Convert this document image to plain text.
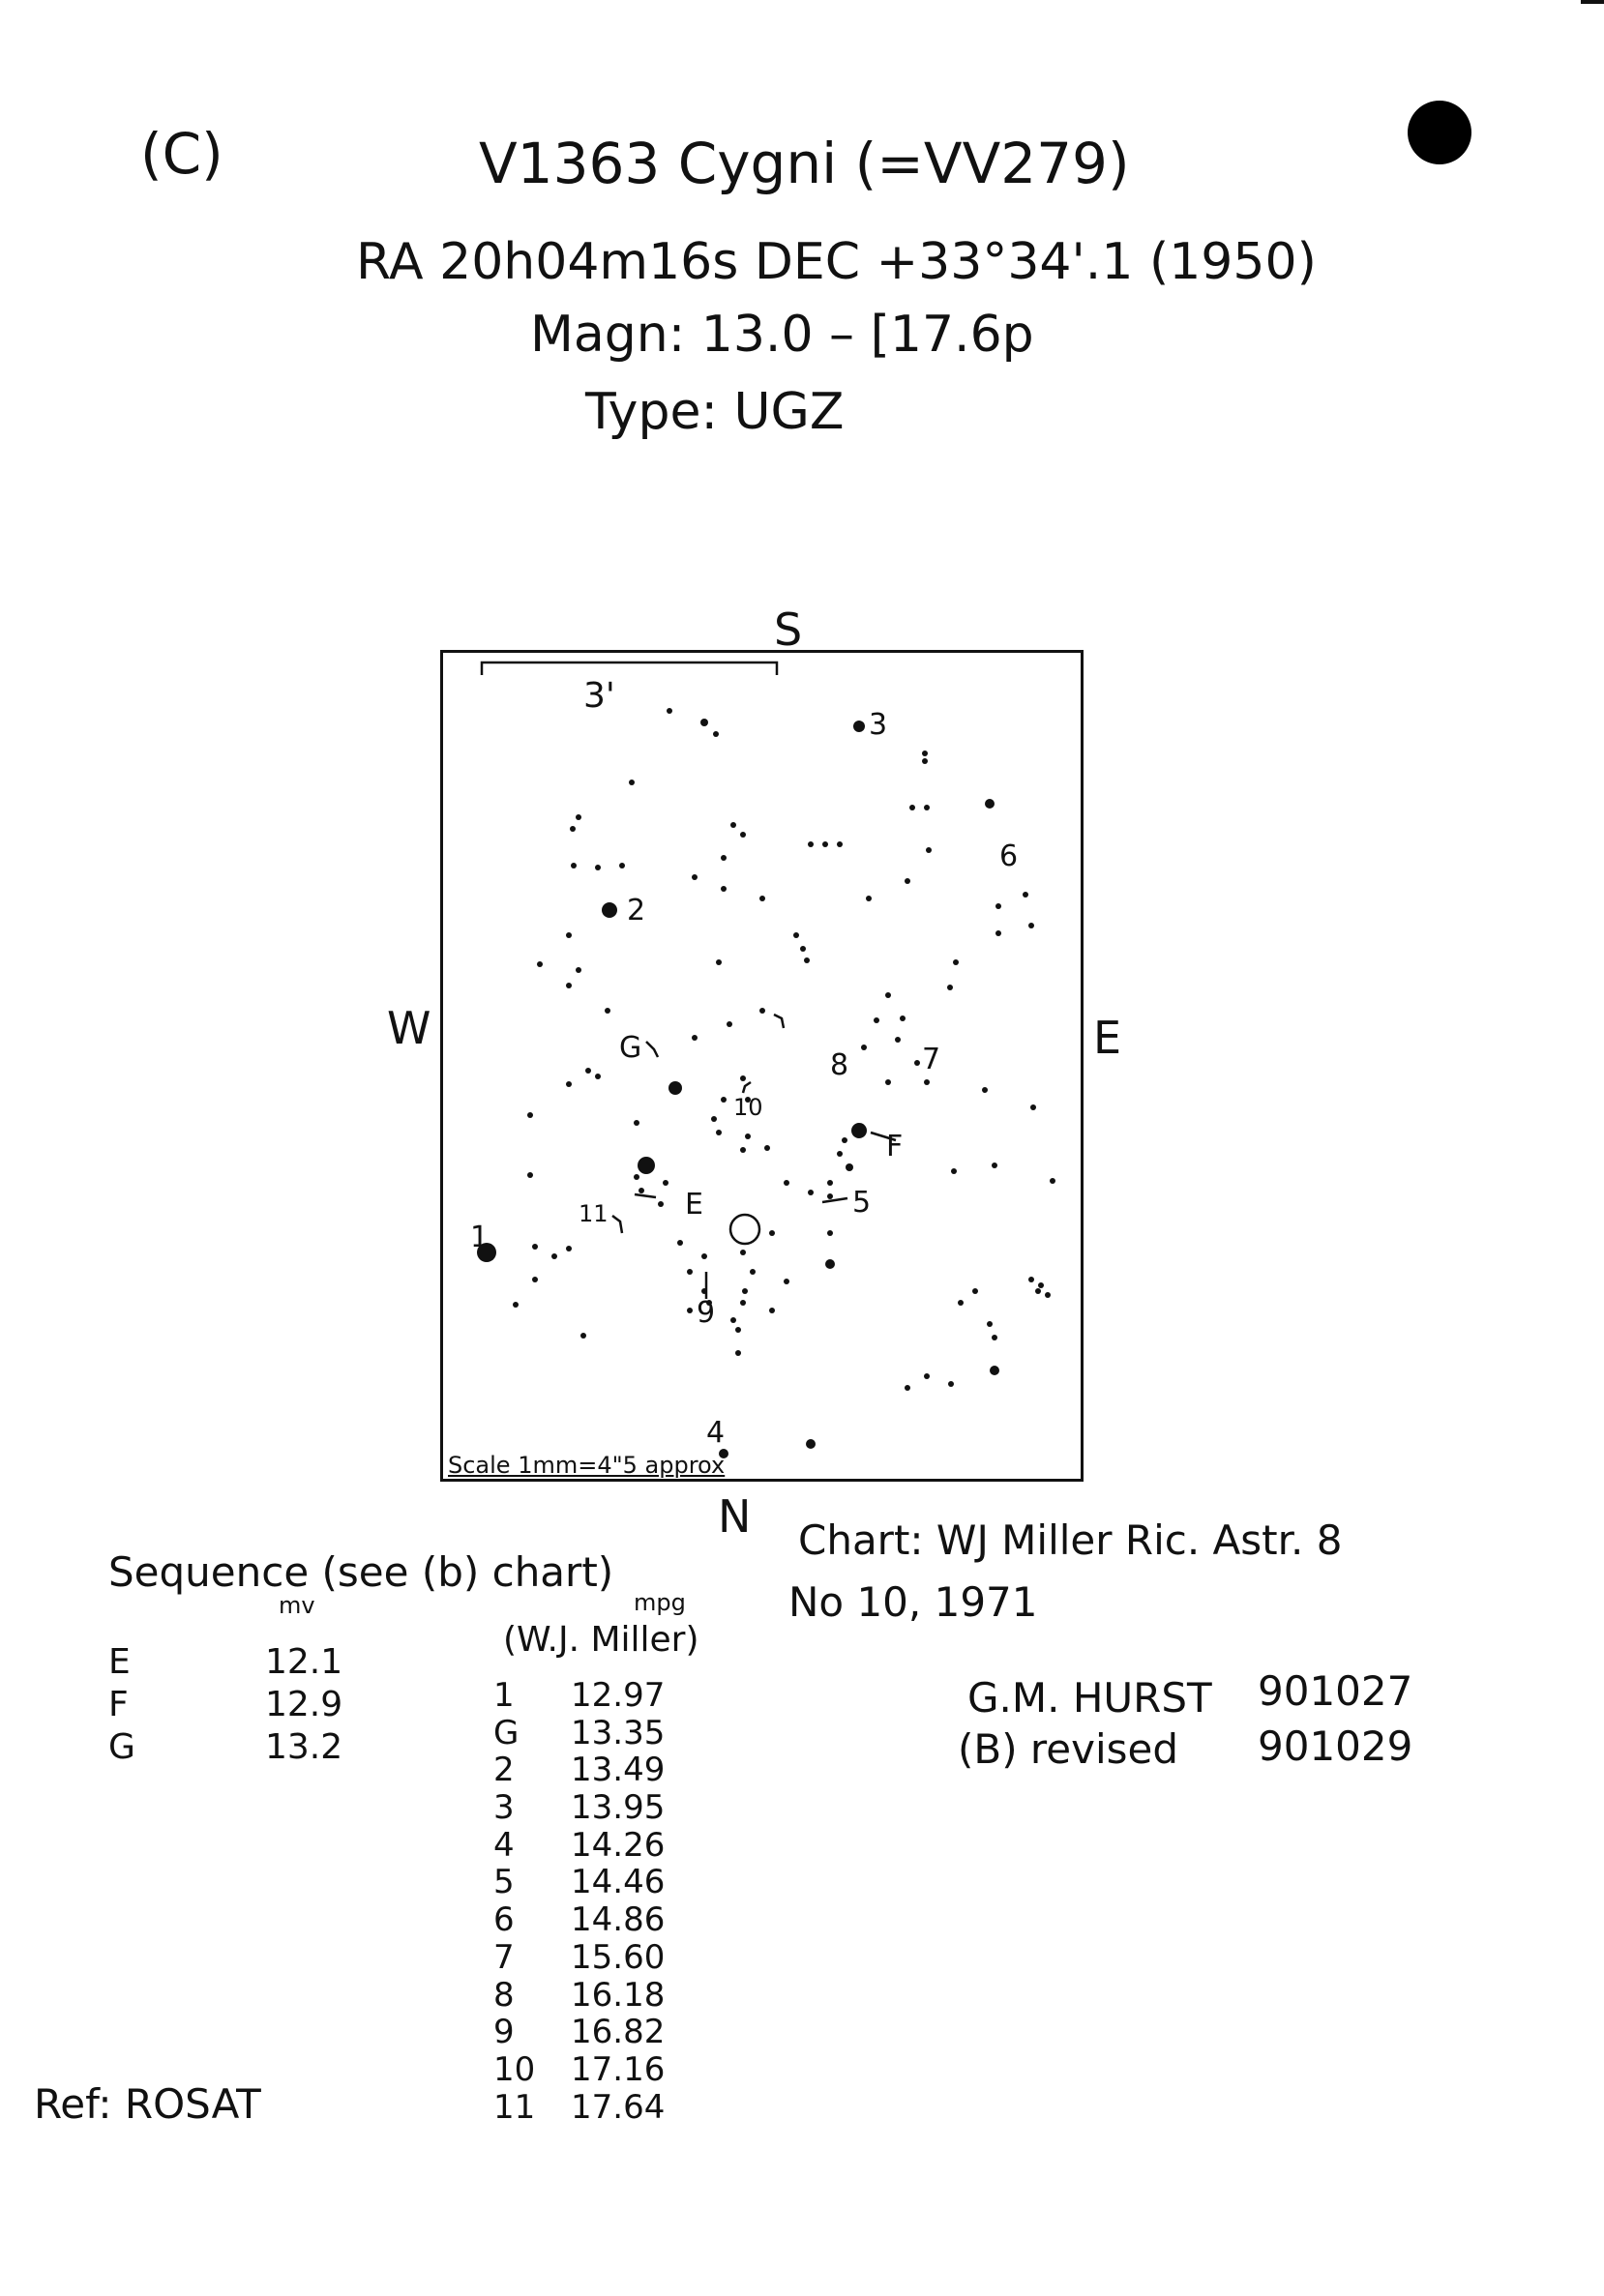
(C)	V1363 Cygni (=VV279)
RA 20h04m16s DEC +33°34'.1 (1950)
Magn: 13.0 – [17.6p
Type: UGZ
S
N
W	E
1
2
3
4
5
6
7
8
9
10
11	E
F
G
3'
Scale 1mm=4"5 approx
Sequence (see (b) chart)
mv	mpg
(W.J. Miller)
E	12.1
F	12.9
G	13.2
1	12.97
G	13.35
2	13.49
3	13.95
4	14.26
5	14.46
6	14.86
7	15.60
8	16.18
9	16.82
10	17.16
11	17.64
Chart: WJ Miller Ric. Astr. 8
No 10, 1971
G.M. HURST 901027
(B) revised 901029
Ref: ROSAT
